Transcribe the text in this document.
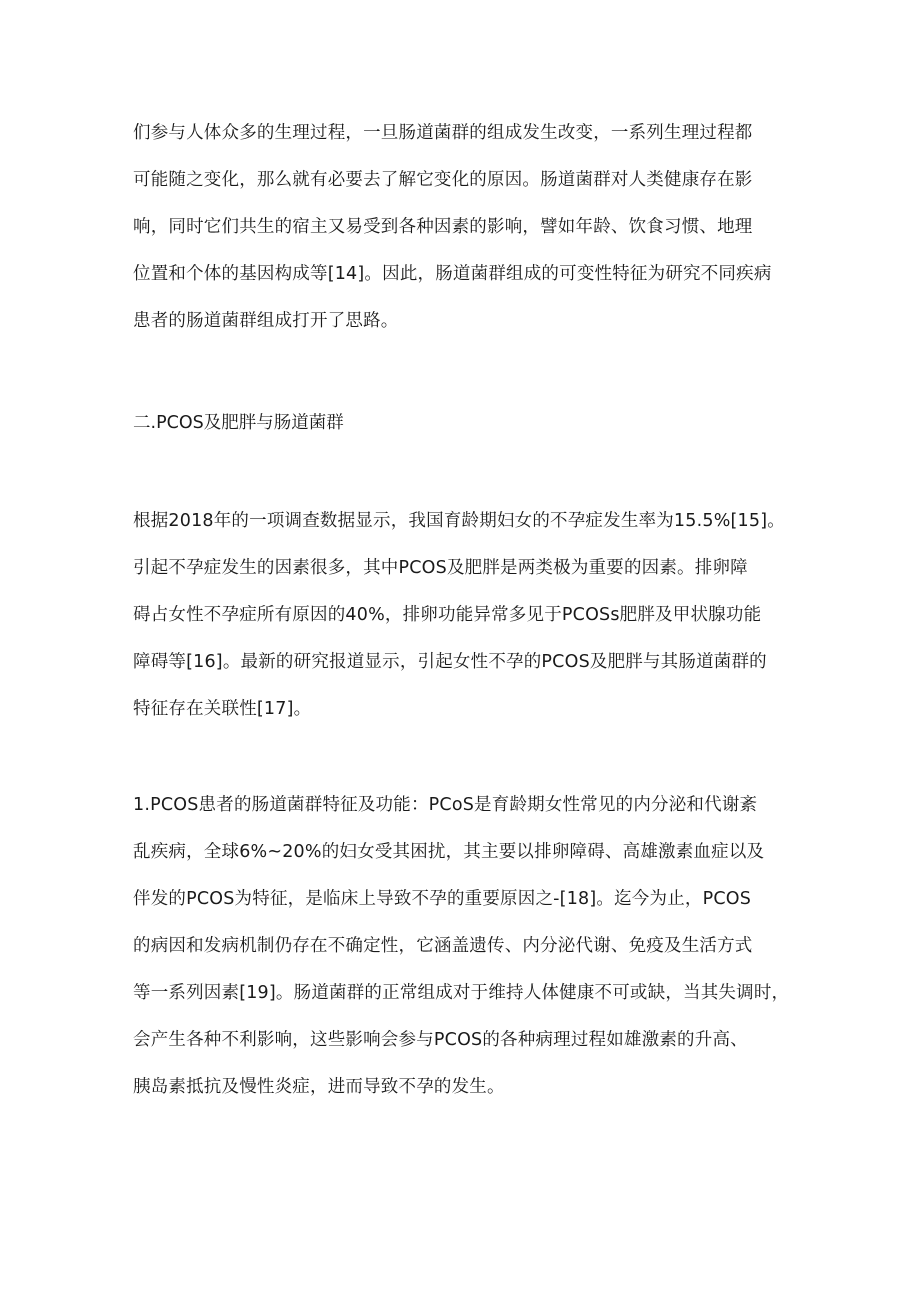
们参与人体众多的生理过程，一旦肠道菌群的组成发生改变，一系列生理过程都
可能随之变化，那么就有必要去了解它变化的原因。肠道菌群对人类健康存在影
响，同时它们共生的宿主又易受到各种因素的影响，譬如年龄、饮食习惯、地理
位置和个体的基因构成等[14]。因此，肠道菌群组成的可变性特征为研究不同疾病
患者的肠道菌群组成打开了思路。
二.PCOS及肥胖与肠道菌群
根据2018年的一项调查数据显示，我国育龄期妇女的不孕症发生率为15.5%[15]。
引起不孕症发生的因素很多，其中PCOS及肥胖是两类极为重要的因素。排卵障
碍占女性不孕症所有原因的40%，排卵功能异常多见于PCOSs肥胖及甲状腺功能
障碍等[16]。最新的研究报道显示，引起女性不孕的PCOS及肥胖与其肠道菌群的
特征存在关联性[17]。
1.PCOS患者的肠道菌群特征及功能：PCoS是育龄期女性常见的内分泌和代谢紊
乱疾病，全球6%~20%的妇女受其困扰，其主要以排卵障碍、高雄激素血症以及
伴发的PCOS为特征，是临床上导致不孕的重要原因之-[18]。迄今为止，PCOS
的病因和发病机制仍存在不确定性，它涵盖遗传、内分泌代谢、免疫及生活方式
等一系列因素[19]。肠道菌群的正常组成对于维持人体健康不可或缺，当其失调时，
会产生各种不利影响，这些影响会参与PCOS的各种病理过程如雄激素的升高、
胰岛素抵抗及慢性炎症，进而导致不孕的发生。
